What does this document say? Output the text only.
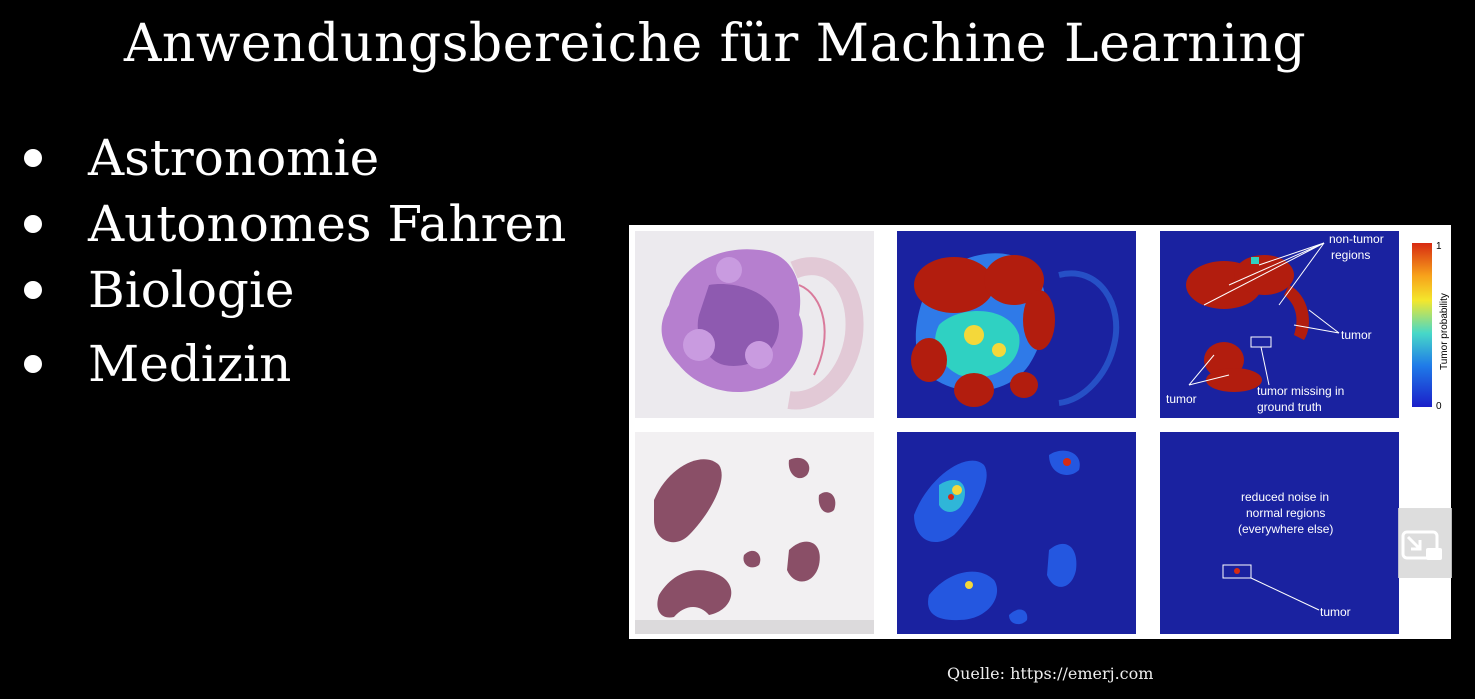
Anwendungsbereiche für Machine Learning
Astronomie
Autonomes Fahren
Biologie
Medizin
non-tumor
regions
tumor
tumor
tumor missing in
ground truth
1
0
Tumor probability
reduced noise in
normal regions
(everywhere else)
tumor
Quelle: https://emerj.com
